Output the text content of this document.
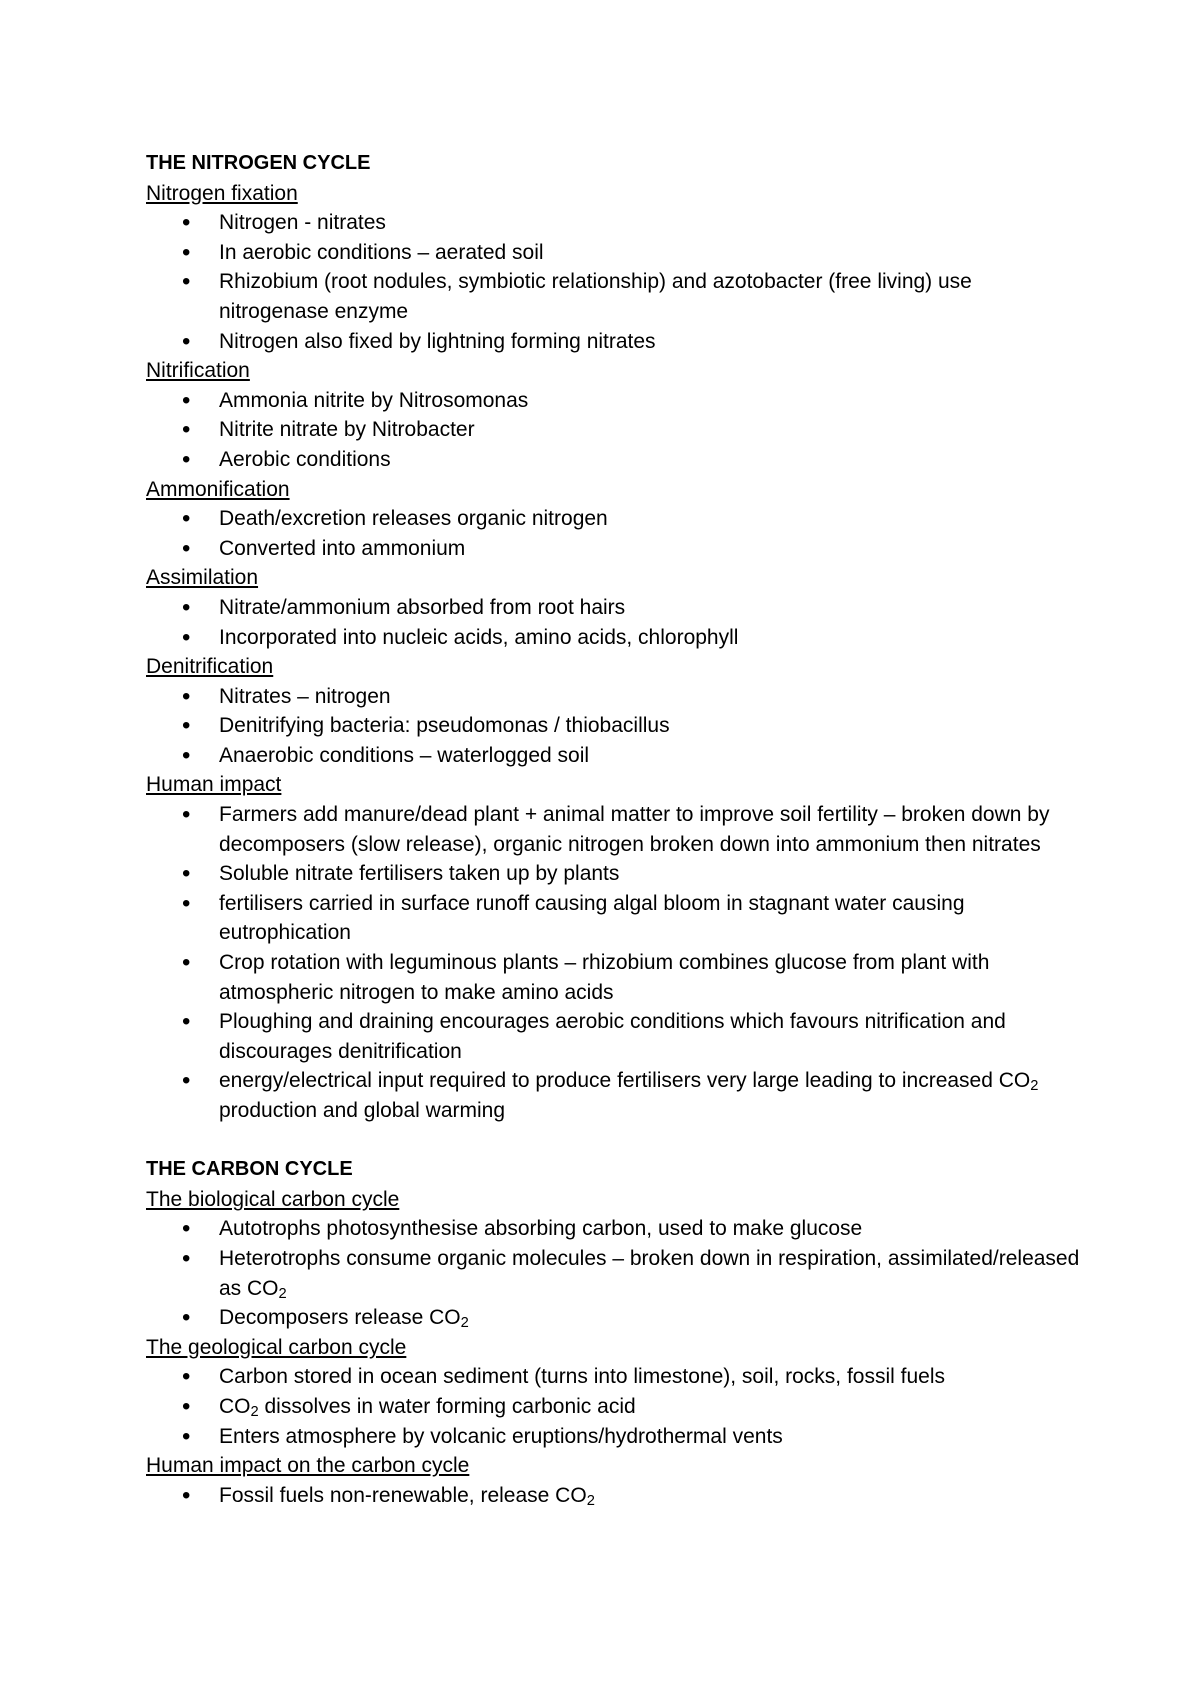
THE NITROGEN CYCLE
Nitrogen fixation
• Nitrogen - nitrates
• In aerobic conditions – aerated soil
• Rhizobium (root nodules, symbiotic relationship) and azotobacter (free living) use nitrogenase enzyme
• Nitrogen also fixed by lightning forming nitrates
Nitrification
• Ammonia nitrite by Nitrosomonas
• Nitrite nitrate by Nitrobacter
• Aerobic conditions
Ammonification
• Death/excretion releases organic nitrogen
• Converted into ammonium
Assimilation
• Nitrate/ammonium absorbed from root hairs
• Incorporated into nucleic acids, amino acids, chlorophyll
Denitrification
• Nitrates – nitrogen
• Denitrifying bacteria: pseudomonas / thiobacillus
• Anaerobic conditions – waterlogged soil
Human impact
• Farmers add manure/dead plant + animal matter to improve soil fertility – broken down by decomposers (slow release), organic nitrogen broken down into ammonium then nitrates
• Soluble nitrate fertilisers taken up by plants
• fertilisers carried in surface runoff causing algal bloom in stagnant water causing eutrophication
• Crop rotation with leguminous plants – rhizobium combines glucose from plant with atmospheric nitrogen to make amino acids
• Ploughing and draining encourages aerobic conditions which favours nitrification and discourages denitrification
• energy/electrical input required to produce fertilisers very large leading to increased $CO_2$ production and global warming
THE CARBON CYCLE
The biological carbon cycle
• Autotrophs photosynthesise absorbing carbon, used to make glucose
• Heterotrophs consume organic molecules – broken down in respiration, assimilated/released as $CO_2$
• Decomposers release $CO_2$
The geological carbon cycle
• Carbon stored in ocean sediment (turns into limestone), soil, rocks, fossil fuels
• $CO_2$ dissolves in water forming carbonic acid
• Enters atmosphere by volcanic eruptions/hydrothermal vents
Human impact on the carbon cycle
• Fossil fuels non-renewable, release $CO_2$
